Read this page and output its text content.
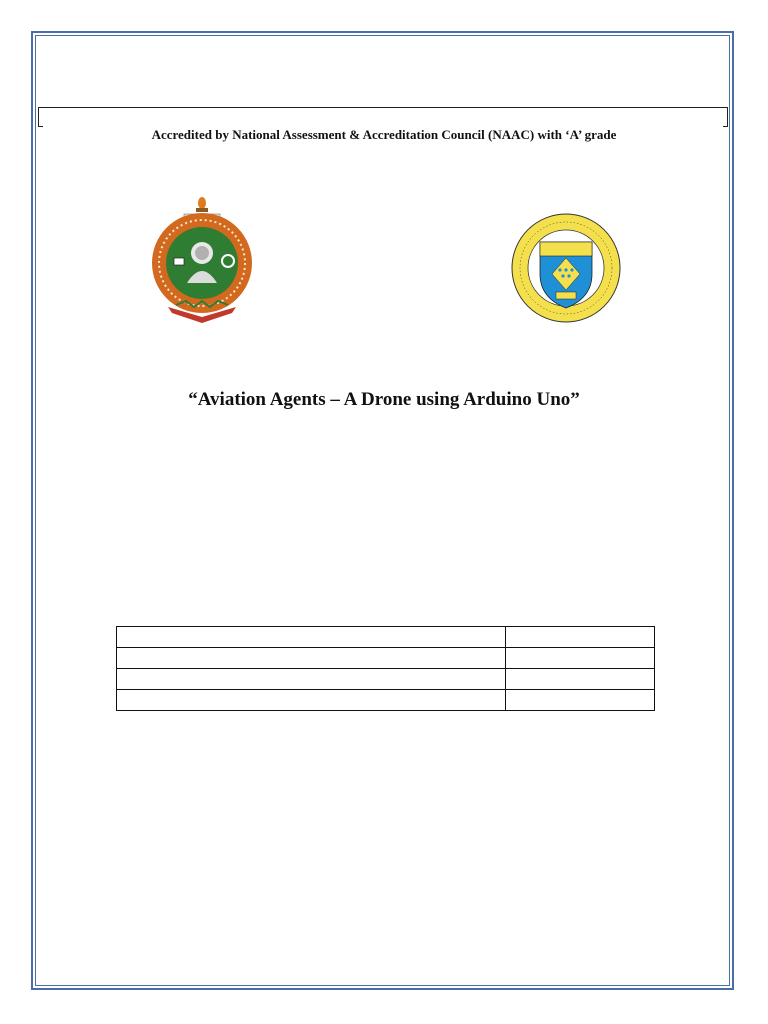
Accredited by National Assessment & Accreditation Council (NAAC) with ‘A’ grade
“Aviation Agents – A Drone using Arduino Uno”
